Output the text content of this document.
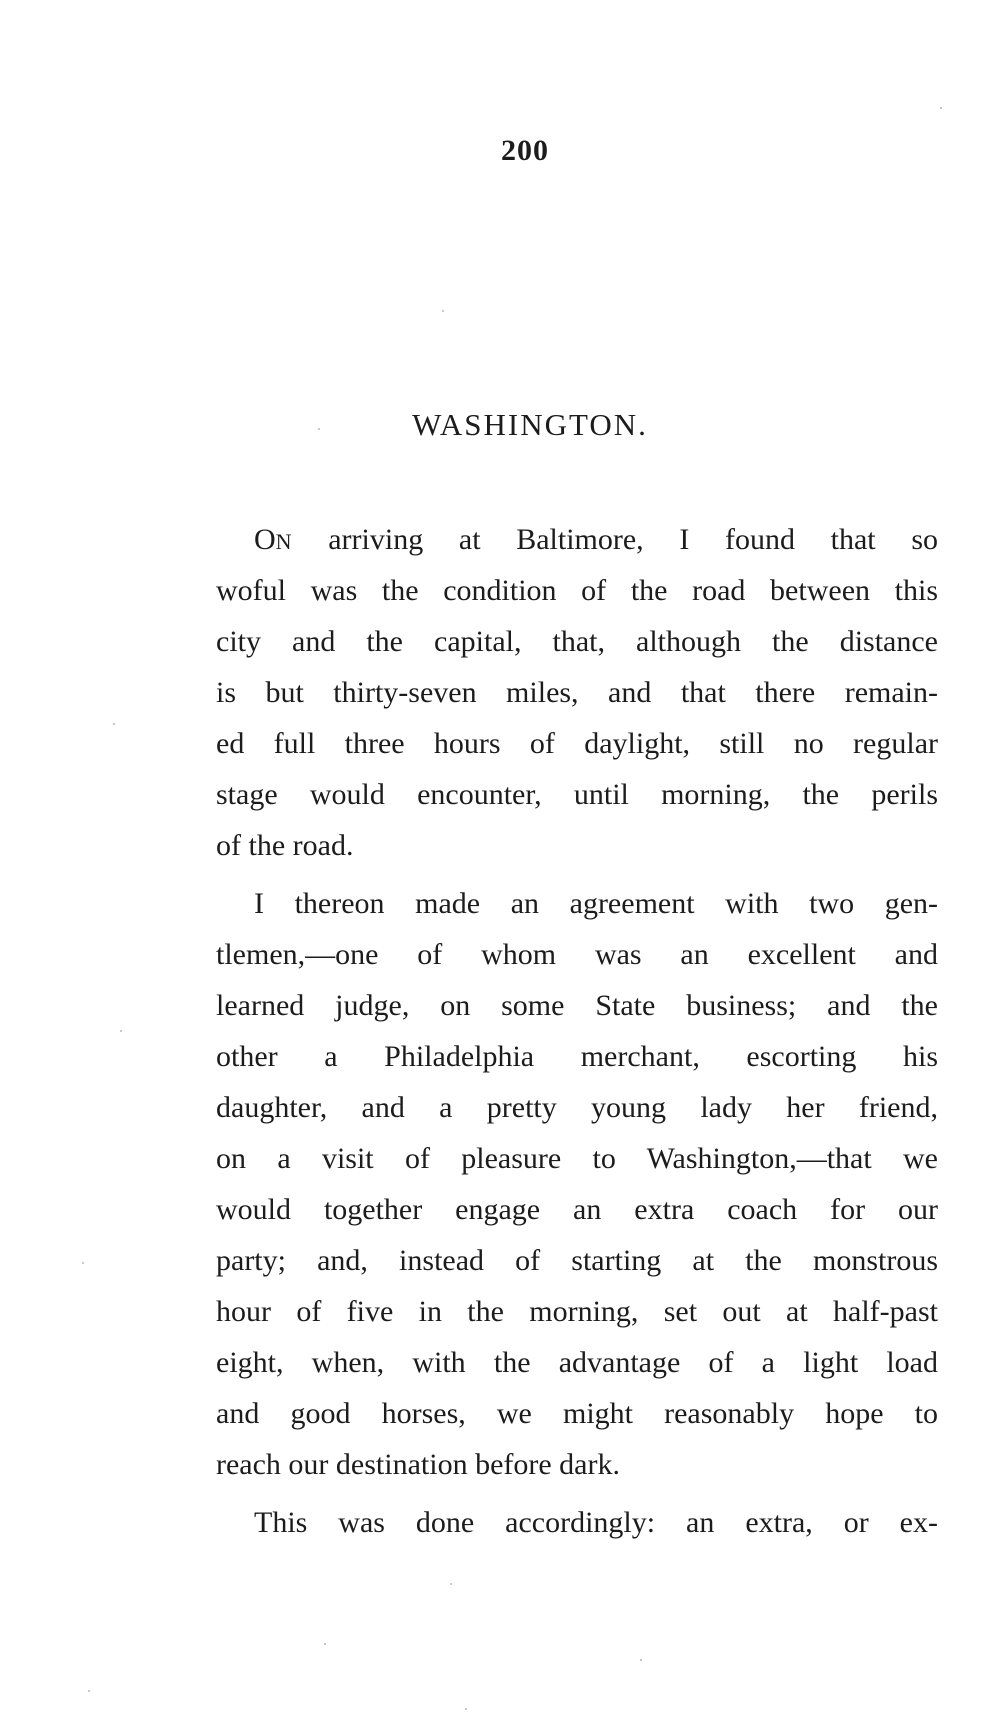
200
WASHINGTON.
ON arriving at Baltimore, I found that so
woful was the condition of the road between this
city and the capital, that, although the distance
is but thirty-seven miles, and that there remain-
ed full three hours of daylight, still no regular
stage would encounter, until morning, the perils
of the road.
I thereon made an agreement with two gen-
tlemen,—one of whom was an excellent and
learned judge, on some State business; and the
other a Philadelphia merchant, escorting his
daughter, and a pretty young lady her friend,
on a visit of pleasure to Washington,—that we
would together engage an extra coach for our
party; and, instead of starting at the monstrous
hour of five in the morning, set out at half-past
eight, when, with the advantage of a light load
and good horses, we might reasonably hope to
reach our destination before dark.
This was done accordingly: an extra, or ex-
